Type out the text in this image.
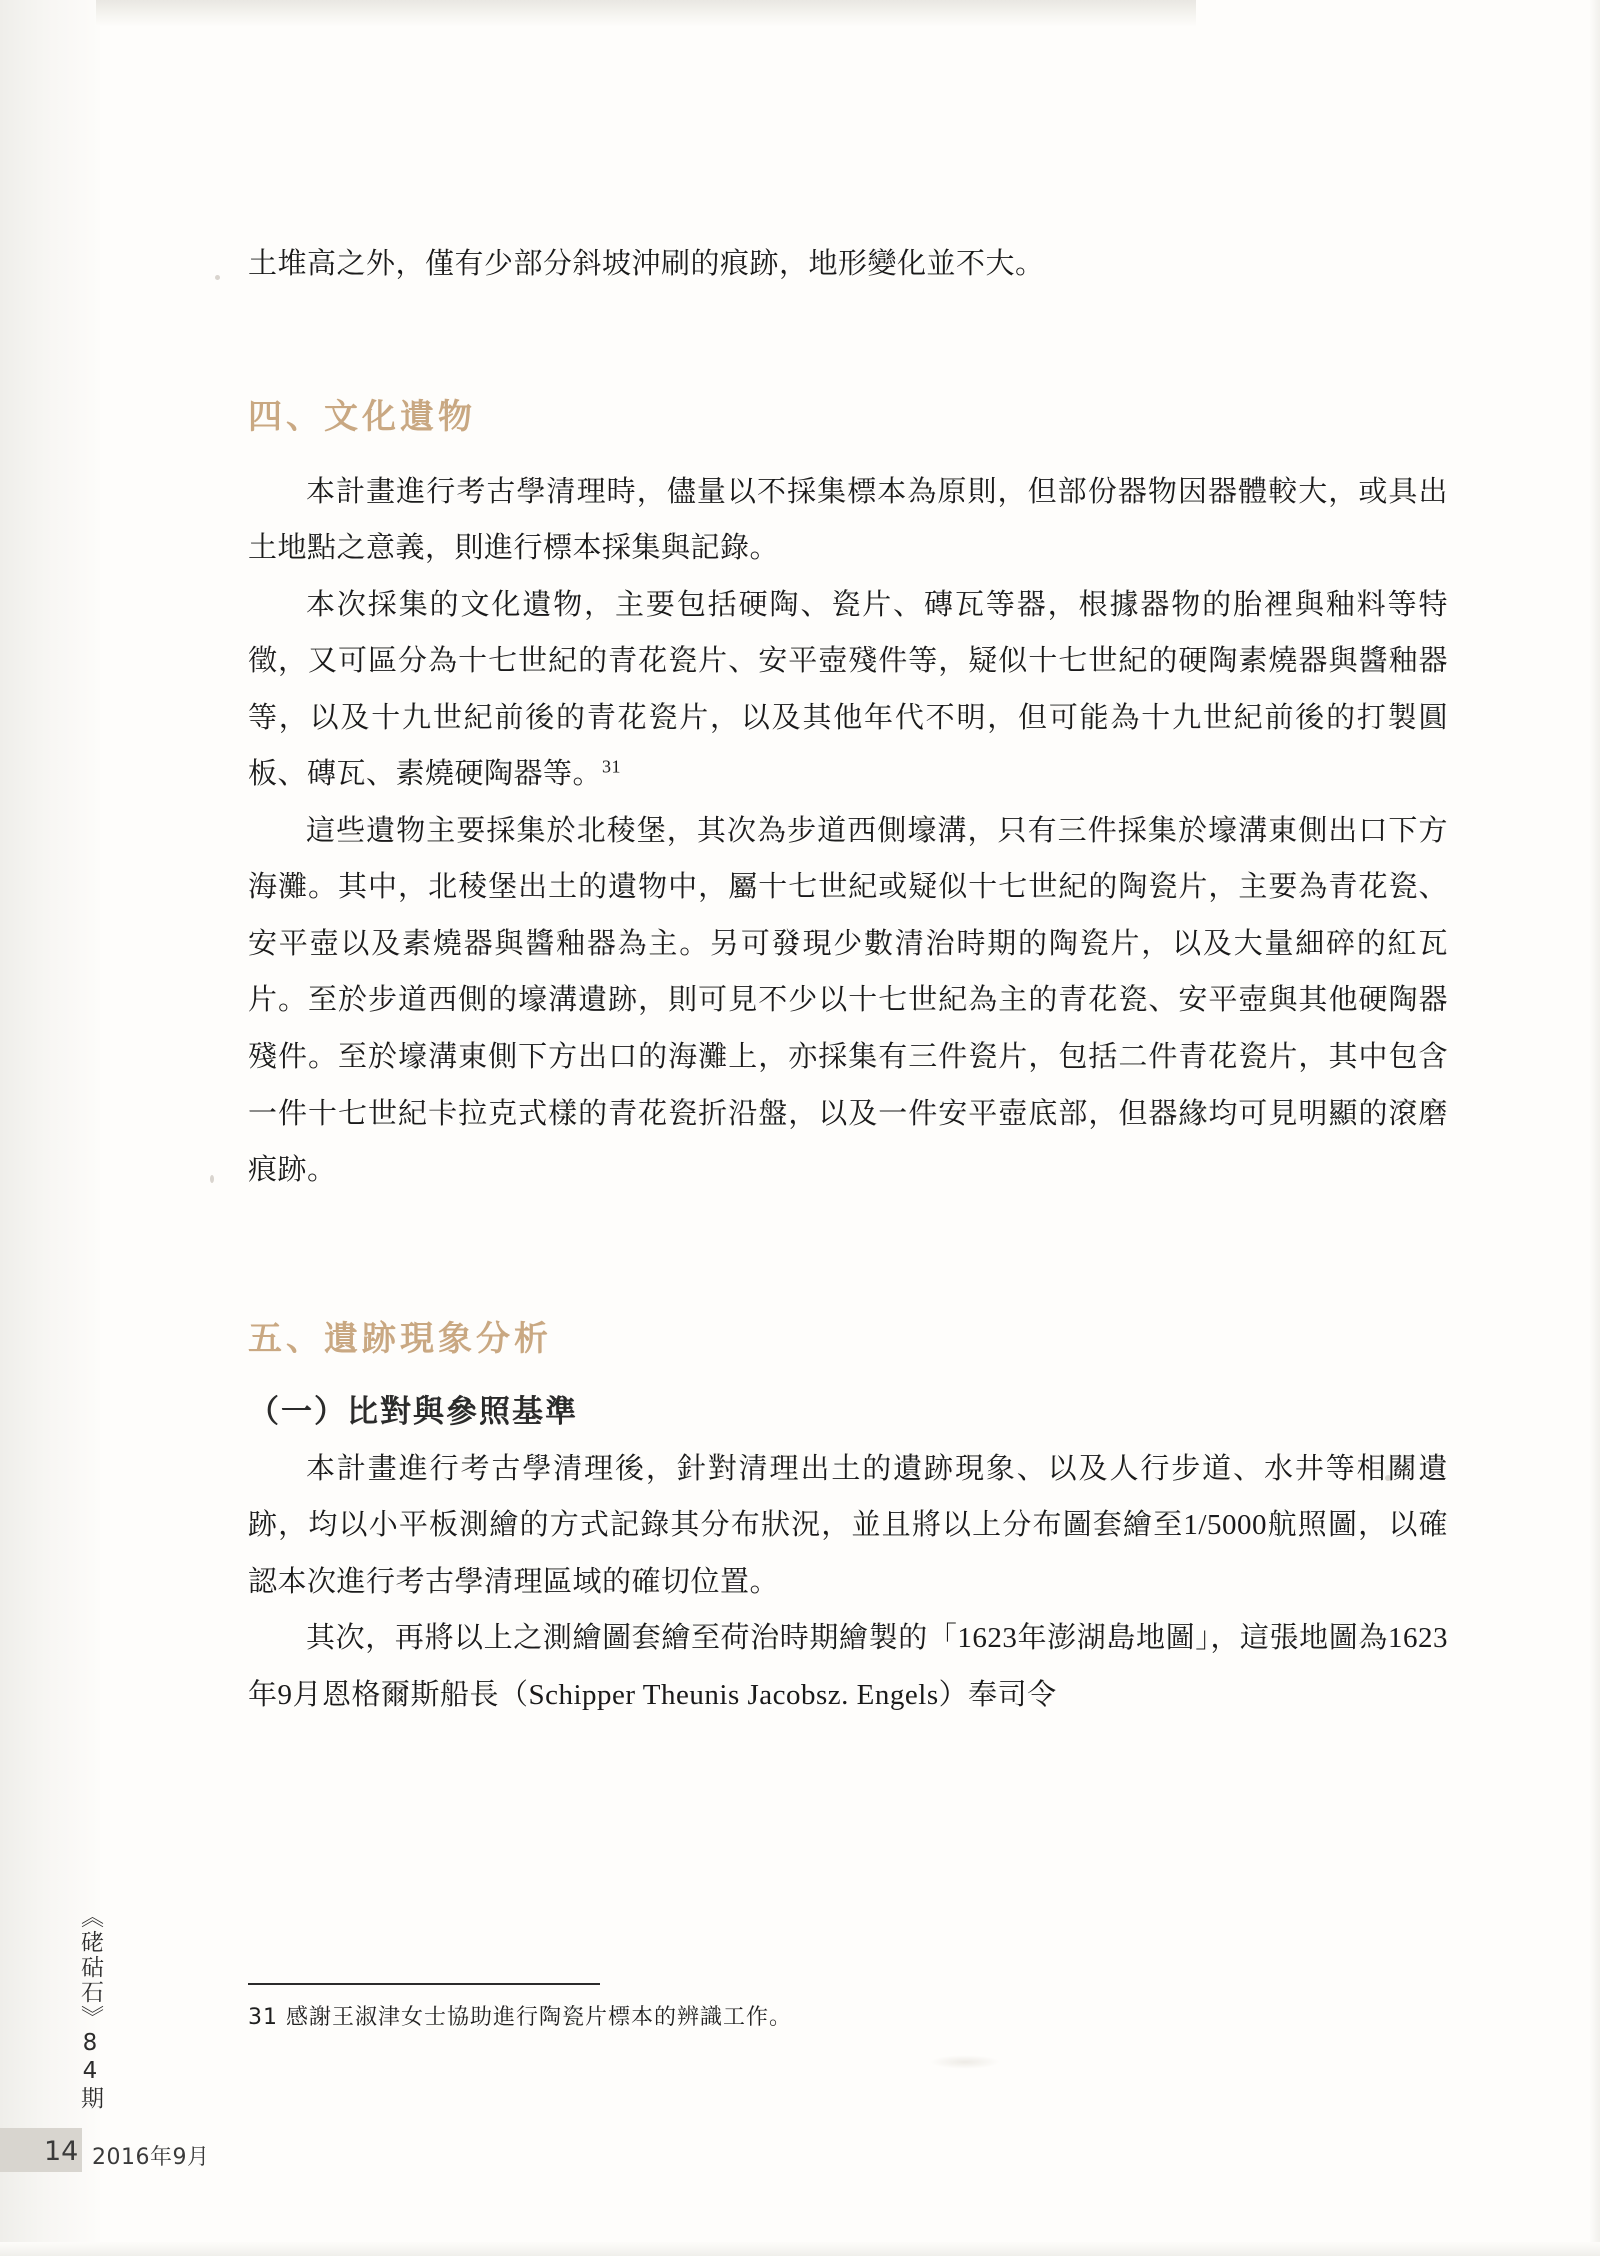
土堆高之外，僅有少部分斜坡沖刷的痕跡，地形變化並不大。

四、文化遺物

本計畫進行考古學清理時，儘量以不採集標本為原則，但部份器物因器體較大，或具出土地點之意義，則進行標本採集與記錄。

本次採集的文化遺物，主要包括硬陶、瓷片、磚瓦等器，根據器物的胎裡與釉料等特徵，又可區分為十七世紀的青花瓷片、安平壺殘件等，疑似十七世紀的硬陶素燒器與醬釉器等，以及十九世紀前後的青花瓷片，以及其他年代不明，但可能為十九世紀前後的打製圓板、磚瓦、素燒硬陶器等。$^{31}$

這些遺物主要採集於北稜堡，其次為步道西側壕溝，只有三件採集於壕溝東側出口下方海灘。其中，北稜堡出土的遺物中，屬十七世紀或疑似十七世紀的陶瓷片，主要為青花瓷、安平壺以及素燒器與醬釉器為主。另可發現少數清治時期的陶瓷片，以及大量細碎的紅瓦片。至於步道西側的壕溝遺跡，則可見不少以十七世紀為主的青花瓷、安平壺與其他硬陶器殘件。至於壕溝東側下方出口的海灘上，亦採集有三件瓷片，包括二件青花瓷片，其中包含一件十七世紀卡拉克式樣的青花瓷折沿盤，以及一件安平壺底部，但器緣均可見明顯的滾磨痕跡。

五、遺跡現象分析
（一）比對與參照基準

本計畫進行考古學清理後，針對清理出土的遺跡現象、以及人行步道、水井等相關遺跡，均以小平板測繪的方式記錄其分布狀況，並且將以上分布圖套繪至1/5000航照圖，以確認本次進行考古學清理區域的確切位置。

其次，再將以上之測繪圖套繪至荷治時期繪製的「1623年澎湖島地圖」，這張地圖為1623年9月恩格爾斯船長（Schipper Theunis Jacobsz. Engels）奉司令

31 感謝王淑津女士協助進行陶瓷片標本的辨識工作。
《硓𥑮石》84期
14 2016年9月
